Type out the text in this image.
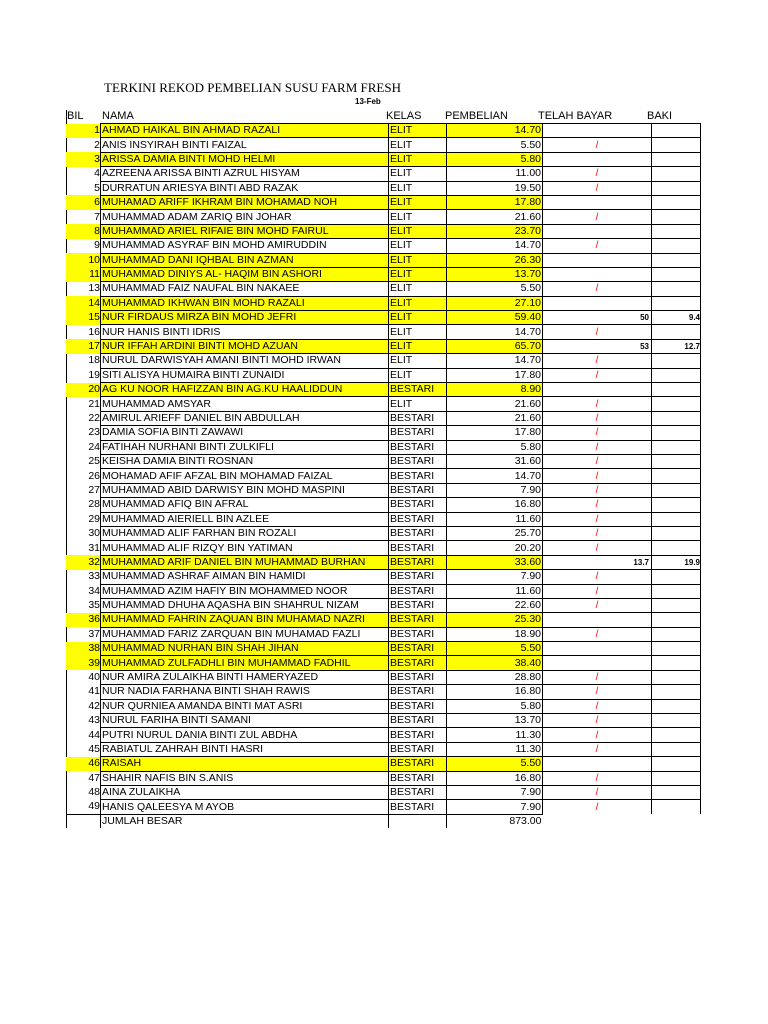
TERKINI REKOD PEMBELIAN SUSU FARM FRESH
13-Feb
BIL NAMA	KELAS PEMBELIAN	TELAH BAYAR	BAKI
1	AHMAD HAIKAL BIN AHMAD RAZALI	ELIT	14.70			
2	ANIS INSYIRAH BINTI FAIZAL	ELIT	5.50	/		
3	ARISSA DAMIA BINTI MOHD HELMI	ELIT	5.80			
4	AZREENA ARISSA BINTI AZRUL HISYAM	ELIT	11.00	/		
5	DURRATUN ARIESYA BINTI ABD RAZAK	ELIT	19.50	/		
6	MUHAMAD ARIFF IKHRAM BIN MOHAMAD NOH	ELIT	17.80			
7	MUHAMMAD ADAM ZARIQ BIN JOHAR	ELIT	21.60	/		
8	MUHAMMAD ARIEL RIFAIE BIN MOHD FAIRUL	ELIT	23.70			
9	MUHAMMAD ASYRAF BIN MOHD AMIRUDDIN	ELIT	14.70	/		
10	MUHAMMAD DANI IQHBAL BIN AZMAN	ELIT	26.30			
11	MUHAMMAD DINIYS AL- HAQIM BIN ASHORI	ELIT	13.70			
13	MUHAMMAD FAIZ NAUFAL BIN NAKAEE	ELIT	5.50	/		
14	MUHAMMAD IKHWAN BIN MOHD RAZALI	ELIT	27.10			
15	NUR FIRDAUS MIRZA BIN MOHD JEFRI	ELIT	59.40	50	9.4	
16	NUR HANIS BINTI IDRIS	ELIT	14.70	/		
17	NUR IFFAH ARDINI BINTI MOHD AZUAN	ELIT	65.70	53	12.7	
18	NURUL DARWISYAH AMANI BINTI MOHD IRWAN	ELIT	14.70	/		
19	SITI ALISYA HUMAIRA BINTI ZUNAIDI	ELIT	17.80	/		
20	AG KU NOOR HAFIZZAN BIN AG.KU HAALIDDUN	BESTARI	8.90			
21	MUHAMMAD AMSYAR	ELIT	21.60	/		
22	AMIRUL ARIEFF DANIEL BIN ABDULLAH	BESTARI	21.60	/		
23	DAMIA SOFIA BINTI ZAWAWI	BESTARI	17.80	/		
24	FATIHAH NURHANI BINTI ZULKIFLI	BESTARI	5.80	/		
25	KEISHA DAMIA BINTI ROSNAN	BESTARI	31.60	/		
26	MOHAMAD AFIF AFZAL BIN MOHAMAD FAIZAL	BESTARI	14.70	/		
27	MUHAMMAD ABID DARWISY BIN MOHD MASPINI	BESTARI	7.90	/		
28	MUHAMMAD AFIQ BIN AFRAL	BESTARI	16.80	/		
29	MUHAMMAD AIERIELL BIN AZLEE	BESTARI	11.60	/		
30	MUHAMMAD ALIF FARHAN BIN ROZALI	BESTARI	25.70	/		
31	MUHAMMAD ALIF RIZQY BIN YATIMAN	BESTARI	20.20	/		
32	MUHAMMAD ARIF DANIEL BIN MUHAMMAD BURHAN	BESTARI	33.60	13.7	19.9	
33	MUHAMMAD ASHRAF AIMAN BIN HAMIDI	BESTARI	7.90	/		
34	MUHAMMAD AZIM HAFIY BIN MOHAMMED NOOR	BESTARI	11.60	/		
35	MUHAMMAD DHUHA AQASHA BIN SHAHRUL NIZAM	BESTARI	22.60	/		
36	MUHAMMAD FAHRIN ZAQUAN BIN MUHAMAD NAZRI	BESTARI	25.30			
37	MUHAMMAD FARIZ ZARQUAN BIN MUHAMAD FAZLI	BESTARI	18.90	/		
38	MUHAMMAD NURHAN BIN SHAH JIHAN	BESTARI	5.50			
39	MUHAMMAD ZULFADHLI BIN MUHAMMAD FADHIL	BESTARI	38.40			
40	NUR AMIRA ZULAIKHA BINTI HAMERYAZED	BESTARI	28.80	/		
41	NUR NADIA FARHANA BINTI SHAH RAWIS	BESTARI	16.80	/		
42	NUR QURNIEA AMANDA BINTI MAT ASRI	BESTARI	5.80	/		
43	NURUL FARIHA BINTI SAMANI	BESTARI	13.70	/		
44	PUTRI NURUL DANIA BINTI ZUL ABDHA	BESTARI	11.30	/		
45	RABIATUL ZAHRAH BINTI HASRI	BESTARI	11.30	/		
46	RAISAH	BESTARI	5.50			
47	SHAHIR NAFIS BIN S.ANIS	BESTARI	16.80	/		
48	AINA ZULAIKHA	BESTARI	7.90	/		
49	HANIS QALEESYA M AYOB	BESTARI	7.90	/		
	JUMLAH BESAR		873.00			
